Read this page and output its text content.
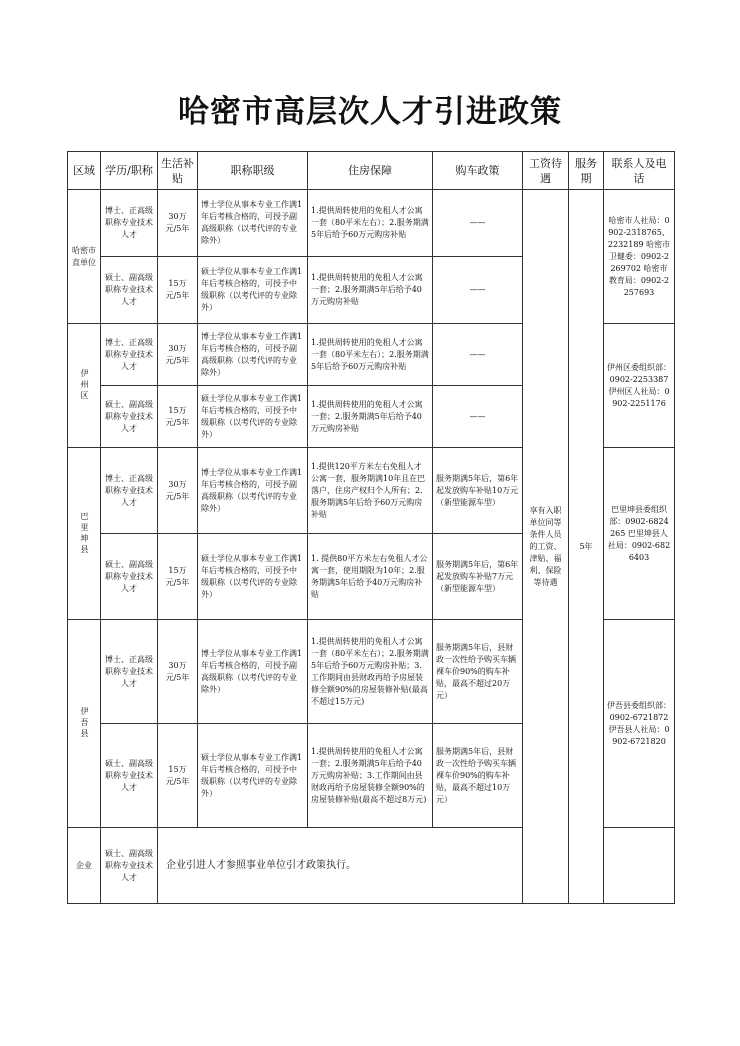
哈密市高层次人才引进政策
区域	学历/职称	生活补贴	职称职级	住房保障	购车政策	工资待遇	服务期	联系人及电话
哈密市直单位	博士、正高级职称专业技术人才	30万元/5年	博士学位从事本专业工作满1年后考核合格的，可授予副高级职称（以考代评的专业除外）	1.提供周转使用的免租人才公寓一套（80平米左右）；2.服务期满5年后给予60万元购房补贴	——	享有入职单位同等条件人员的工资、津贴、福利、保险等待遇	5年	哈密市人社局：0902-2318765、2232189 哈密市卫健委：0902-2269702 哈密市教育局：0902-2257693
	硕士、副高级职称专业技术人才	15万元/5年	硕士学位从事本专业工作满1年后考核合格的，可授予中级职称（以考代评的专业除外）	1.提供周转使用的免租人才公寓一套；2.服务期满5年后给予40万元购房补贴	——			

伊州区	博士、正高级职称专业技术人才	30万元/5年	博士学位从事本专业工作满1年后考核合格的，可授予副高级职称（以考代评的专业除外）	1.提供周转使用的免租人才公寓一套（80平米左右）；2.服务期满5年后给予60万元购房补贴	——			伊州区委组织部：0902-2253387 伊州区人社局：0902-2251176
	硕士、副高级职称专业技术人才	15万元/5年	硕士学位从事本专业工作满1年后考核合格的，可授予中级职称（以考代评的专业除外）	1.提供周转使用的免租人才公寓一套；2.服务期满5年后给予40万元购房补贴	——			

巴里坤县	博士、正高级职称专业技术人才	30万元/5年	博士学位从事本专业工作满1年后考核合格的，可授予副高级职称（以考代评的专业除外）	1.提供120平方米左右免租人才公寓一套，服务期满10年且在巴落户，住房产权归个人所有；2.服务期满5年后给予60万元购房补贴	服务期满5年后，第6年起发放购车补贴10万元（新型能源车型）			巴里坤县委组织部：0902-6824265 巴里坤县人社局：0902-6826403
	硕士、副高级职称专业技术人才	15万元/5年	硕士学位从事本专业工作满1年后考核合格的，可授予中级职称（以考代评的专业除外）	1. 提供80平方米左右免租人才公寓一套，使用期限为10年；2.服务期满5年后给予40万元购房补贴	服务期满5年后，第6年起发放购车补贴7万元（新型能源车型）			

伊吾县	博士、正高级职称专业技术人才	30万元/5年	博士学位从事本专业工作满1年后考核合格的，可授予副高级职称（以考代评的专业除外）	1.提供周转使用的免租人才公寓一套（80平米左右）；2.服务期满5年后给予60万元购房补贴；3.工作期间由县财政再给予房屋装修全额90%的房屋装修补贴(最高不超过15万元)	服务期满5年后，县财政一次性给予购买车辆裸车价90%的购车补贴，最高不超过20万元）			伊吾县委组织部：0902-6721872 伊吾县人社局：0902-6721820
	硕士、副高级职称专业技术人才	15万元/5年	硕士学位从事本专业工作满1年后考核合格的，可授予中级职称（以考代评的专业除外）	1.提供周转使用的免租人才公寓一套；2.服务期满5年后给予40万元购房补贴；3.工作期间由县财政再给予房屋装修全额90%的房屋装修补贴(最高不超过8万元)	服务期满5年后，县财政一次性给予购买车辆裸车价90%的购车补贴，最高不超过10万元）			
企业	硕士、副高级职称专业技术人才	企业引进人才参照事业单位引才政策执行。						
